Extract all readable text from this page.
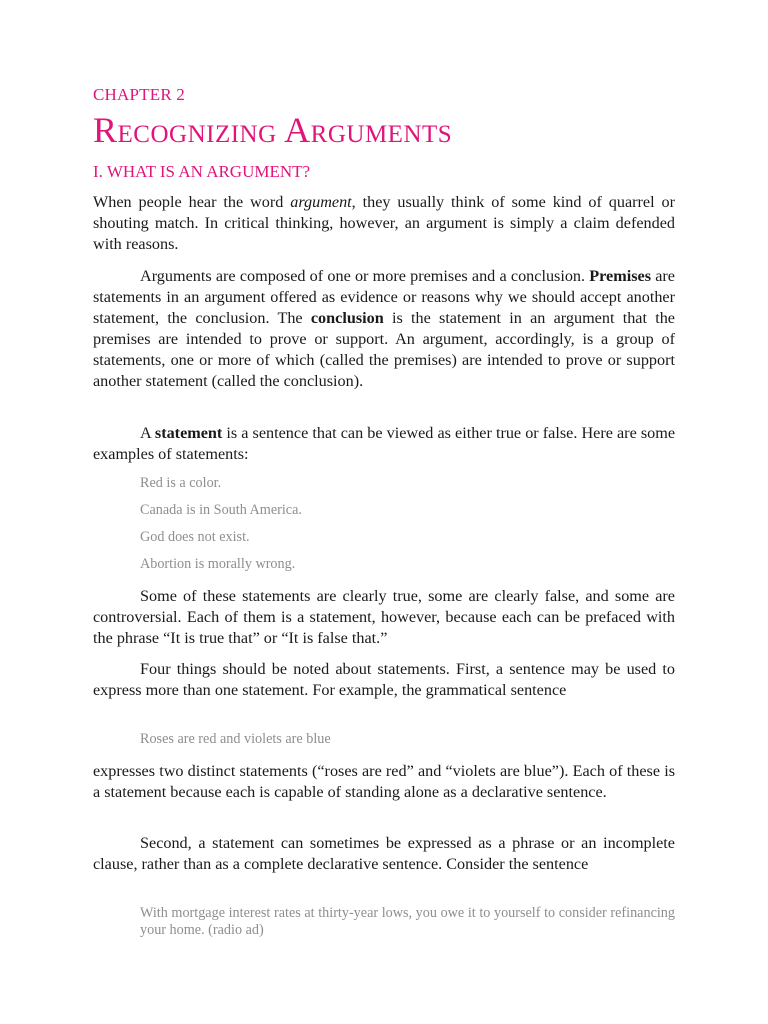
CHAPTER 2
Recognizing Arguments
I. WHAT IS AN ARGUMENT?

When people hear the word argument, they usually think of some kind of quarrel or shouting match. In critical thinking, however, an argument is simply a claim defended with reasons.

Arguments are composed of one or more premises and a conclusion. Premises are statements in an argument offered as evidence or reasons why we should accept another statement, the conclusion. The conclusion is the statement in an argument that the premises are intended to prove or support. An argument, accordingly, is a group of statements, one or more of which (called the premises) are intended to prove or support another statement (called the conclusion).

A statement is a sentence that can be viewed as either true or false. Here are some examples of statements:

Red is a color.

Canada is in South America.

God does not exist.

Abortion is morally wrong.

Some of these statements are clearly true, some are clearly false, and some are controversial. Each of them is a statement, however, because each can be prefaced with the phrase “It is true that” or “It is false that.”

Four things should be noted about statements. First, a sentence may be used to express more than one statement. For example, the grammatical sentence

Roses are red and violets are blue

expresses two distinct statements (“roses are red” and “violets are blue”). Each of these is a statement because each is capable of standing alone as a declarative sentence.

Second, a statement can sometimes be expressed as a phrase or an incomplete clause, rather than as a complete declarative sentence. Consider the sentence

With mortgage interest rates at thirty-year lows, you owe it to yourself to consider refinancing your home. (radio ad)
